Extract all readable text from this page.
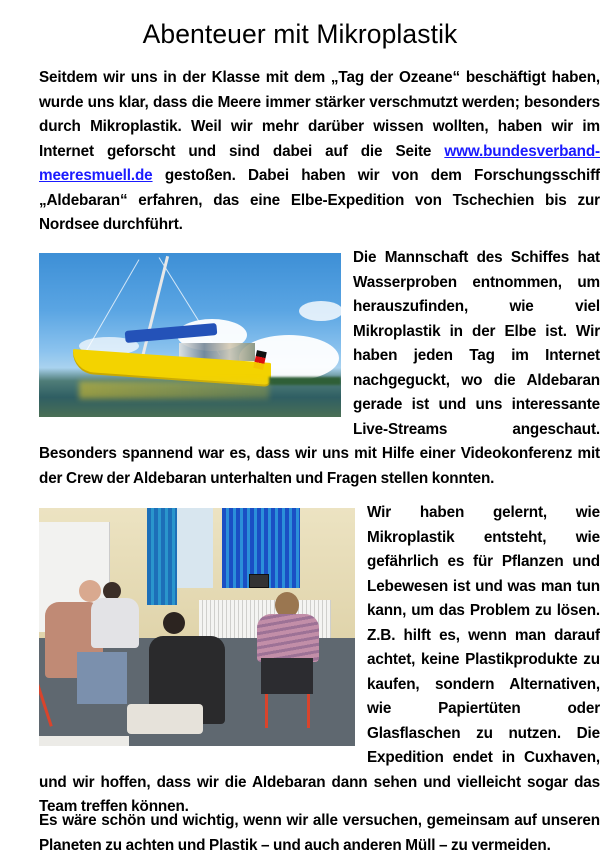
Abenteuer mit Mikroplastik

Seitdem wir uns in der Klasse mit dem „Tag der Ozeane“ beschäftigt haben, wurde uns klar, dass die Meere immer stärker verschmutzt werden; besonders durch Mikroplastik. Weil wir mehr darüber wissen wollten, haben wir im Internet geforscht und sind dabei auf die Seite www.bundesverband-meeresmuell.de gestoßen. Dabei haben wir von dem Forschungsschiff „Aldebaran“ erfahren, das eine Elbe-Expedition von Tschechien bis zur Nordsee durchführt.

Die Mannschaft des Schiffes hat Wasserproben entnommen, um herauszufinden, wie viel Mikroplastik in der Elbe ist. Wir haben jeden Tag im Internet nachgeguckt, wo die Aldebaran gerade ist und uns interessante Live-Streams angeschaut. Besonders spannend war es, dass wir uns mit Hilfe einer Videokonferenz mit der Crew der Aldebaran unterhalten und Fragen stellen konnten.
Wir haben gelernt, wie Mikroplastik entsteht, wie gefährlich es für Pflanzen und Lebewesen ist und was man tun kann, um das Problem zu lösen. Z.B. hilft es, wenn man darauf achtet, keine Plastikprodukte zu kaufen, sondern Alternativen, wie Papiertüten oder Glasflaschen zu nutzen. Die Expedition endet in Cuxhaven, und wir hoffen, dass wir die Aldebaran dann sehen und vielleicht sogar das Team treffen können.

Es wäre schön und wichtig, wenn wir alle versuchen, gemeinsam auf unseren Planeten zu achten und Plastik – und auch anderen Müll – zu vermeiden.
